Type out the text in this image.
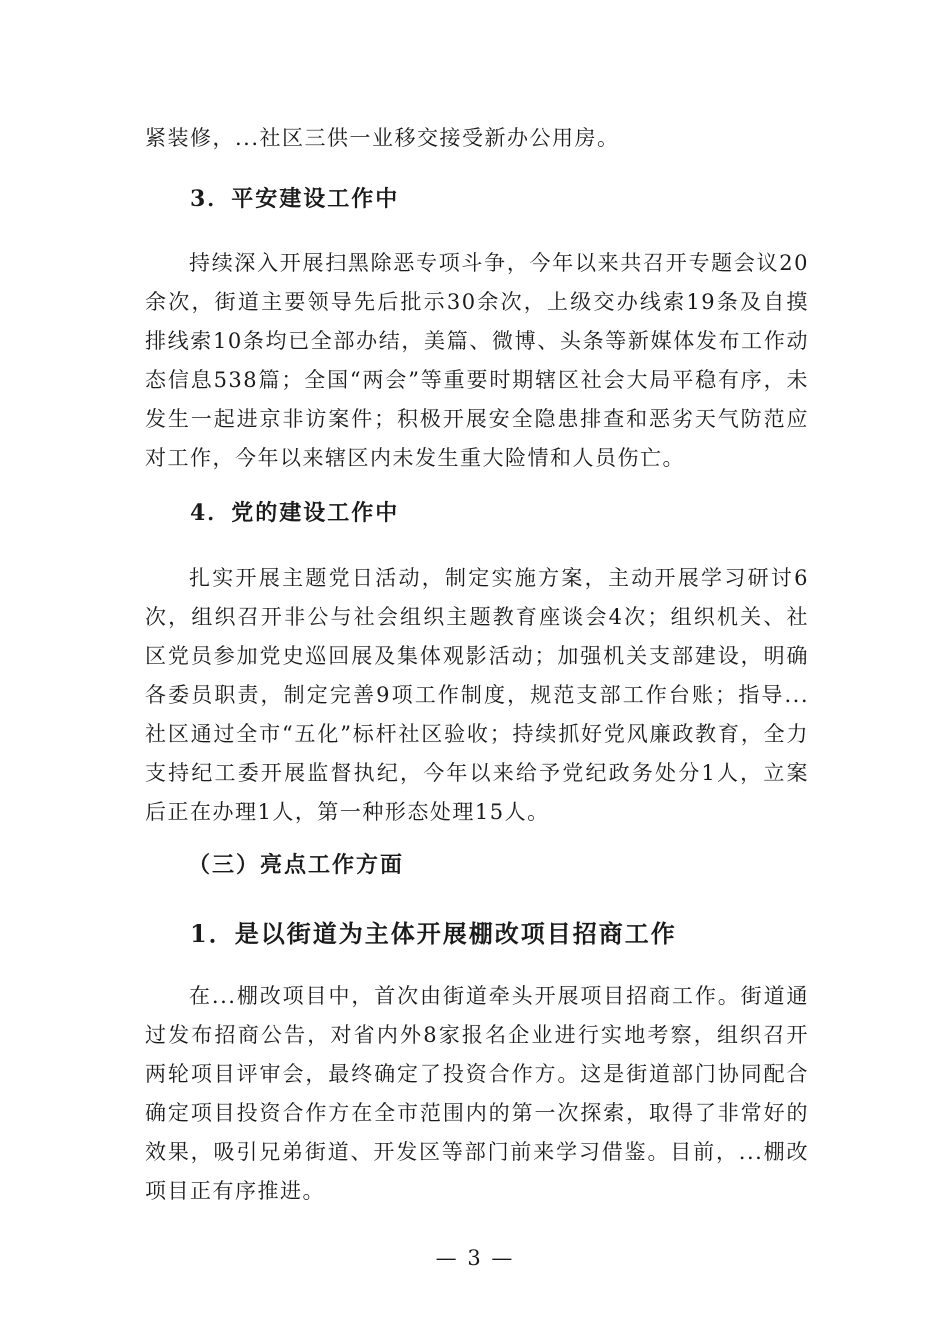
紧装修，...社区三供一业移交接受新办公用房。

3．平安建设工作中

持续深入开展扫黑除恶专项斗争，今年以来共召开专题会议20余次，街道主要领导先后批示30余次，上级交办线索19条及自摸排线索10条均已全部办结，美篇、微博、头条等新媒体发布工作动态信息538篇；全国“两会”等重要时期辖区社会大局平稳有序，未发生一起进京非访案件；积极开展安全隐患排查和恶劣天气防范应对工作，今年以来辖区内未发生重大险情和人员伤亡。

4．党的建设工作中

扎实开展主题党日活动，制定实施方案，主动开展学习研讨6次，组织召开非公与社会组织主题教育座谈会4次；组织机关、社区党员参加党史巡回展及集体观影活动；加强机关支部建设，明确各委员职责，制定完善9项工作制度，规范支部工作台账；指导...社区通过全市“五化”标杆社区验收；持续抓好党风廉政教育，全力支持纪工委开展监督执纪，今年以来给予党纪政务处分1人，立案后正在办理1人，第一种形态处理15人。

（三）亮点工作方面
1．是以街道为主体开展棚改项目招商工作

在...棚改项目中，首次由街道牵头开展项目招商工作。街道通过发布招商公告，对省内外8家报名企业进行实地考察，组织召开两轮项目评审会，最终确定了投资合作方。这是街道部门协同配合确定项目投资合作方在全市范围内的第一次探索，取得了非常好的效果，吸引兄弟街道、开发区等部门前来学习借鉴。目前，...棚改项目正有序推进。

— 3 —
